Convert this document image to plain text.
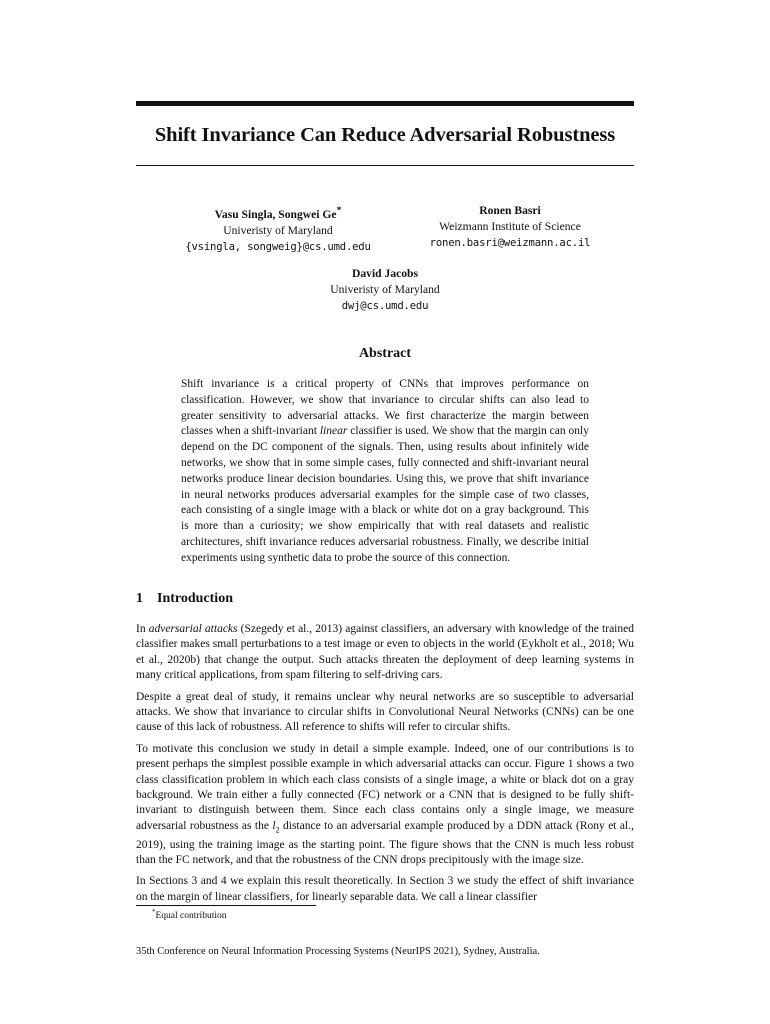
Shift Invariance Can Reduce Adversarial Robustness
Vasu Singla, Songwei Ge*
Univeristy of Maryland
{vsingla, songweig}@cs.umd.edu
Ronen Basri
Weizmann Institute of Science
ronen.basri@weizmann.ac.il
David Jacobs
Univeristy of Maryland
dwj@cs.umd.edu
Abstract

Shift invariance is a critical property of CNNs that improves performance on classification. However, we show that invariance to circular shifts can also lead to greater sensitivity to adversarial attacks. We first characterize the margin between classes when a shift-invariant linear classifier is used. We show that the margin can only depend on the DC component of the signals. Then, using results about infinitely wide networks, we show that in some simple cases, fully connected and shift-invariant neural networks produce linear decision boundaries. Using this, we prove that shift invariance in neural networks produces adversarial examples for the simple case of two classes, each consisting of a single image with a black or white dot on a gray background. This is more than a curiosity; we show empirically that with real datasets and realistic architectures, shift invariance reduces adversarial robustness. Finally, we describe initial experiments using synthetic data to probe the source of this connection.

1 Introduction

In adversarial attacks (Szegedy et al., 2013) against classifiers, an adversary with knowledge of the trained classifier makes small perturbations to a test image or even to objects in the world (Eykholt et al., 2018; Wu et al., 2020b) that change the output. Such attacks threaten the deployment of deep learning systems in many critical applications, from spam filtering to self-driving cars.

Despite a great deal of study, it remains unclear why neural networks are so susceptible to adversarial attacks. We show that invariance to circular shifts in Convolutional Neural Networks (CNNs) can be one cause of this lack of robustness. All reference to shifts will refer to circular shifts.

To motivate this conclusion we study in detail a simple example. Indeed, one of our contributions is to present perhaps the simplest possible example in which adversarial attacks can occur. Figure 1 shows a two class classification problem in which each class consists of a single image, a white or black dot on a gray background. We train either a fully connected (FC) network or a CNN that is designed to be fully shift-invariant to distinguish between them. Since each class contains only a single image, we measure adversarial robustness as the $l_2$ distance to an adversarial example produced by a DDN attack (Rony et al., 2019), using the training image as the starting point. The figure shows that the CNN is much less robust than the FC network, and that the robustness of the CNN drops precipitously with the image size.

In Sections 3 and 4 we explain this result theoretically. In Section 3 we study the effect of shift invariance on the margin of linear classifiers, for linearly separable data. We call a linear classifier

*Equal contribution
35th Conference on Neural Information Processing Systems (NeurIPS 2021), Sydney, Australia.
